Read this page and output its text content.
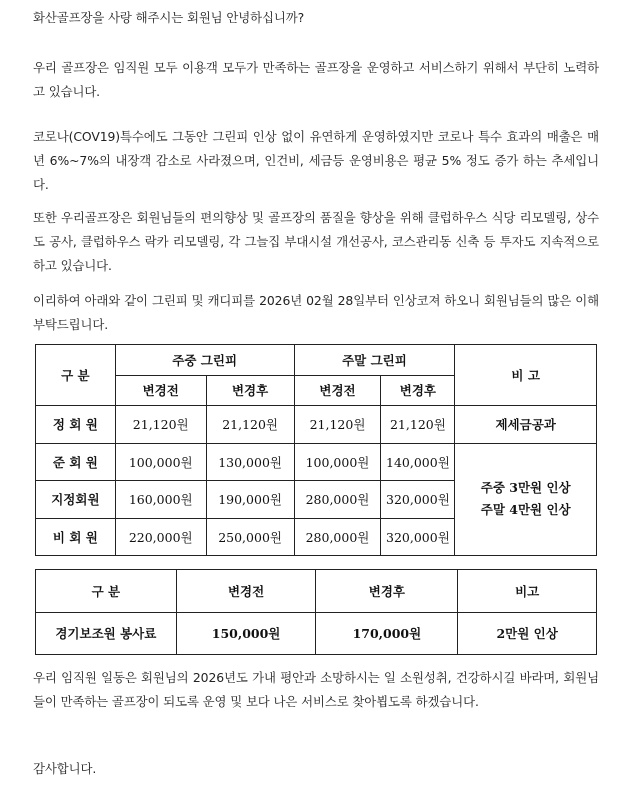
화산골프장을 사랑 해주시는 회원님 안녕하십니까?
우리 골프장은 임직원 모두 이용객 모두가 만족하는 골프장을 운영하고 서비스하기 위해서 부단히 노력하고 있습니다.
코로나(COV19)특수에도 그동안 그린피 인상 없이 유연하게 운영하였지만 코로나 특수 효과의 매출은 매년 6%~7%의 내장객 감소로 사라졌으며, 인건비, 세금등 운영비용은 평균 5% 정도 증가 하는 추세입니다.
또한 우리골프장은 회원님들의 편의향상 및 골프장의 품질을 향상을 위해 클럽하우스 식당 리모델링, 상수도 공사, 클럽하우스 락카 리모델링, 각 그늘집 부대시설 개선공사, 코스관리동 신축 등 투자도 지속적으로 하고 있습니다.
이리하여 아래와 같이 그린피 및 캐디피를 2026년 02월 28일부터 인상코져 하오니 회원님들의 많은 이해 부탁드립니다.
구 분	주중 그린피		주말 그린피		비 고
	변경전	변경후	변경전	변경후	
정 회 원	21,120원	21,120원	21,120원	21,120원	제세금공과
준 회 원	100,000원	130,000원	100,000원	140,000원	주중 3만원 인상
주말 4만원 인상

지정회원	160,000원	190,000원	280,000원	320,000원	
비 회 원	220,000원	250,000원	280,000원	320,000원	
구 분	변경전	변경후	비고
경기보조원 봉사료	150,000원	170,000원	2만원 인상
우리 임직원 일동은 회원님의 2026년도 가내 평안과 소망하시는 일 소원성취, 건강하시길 바라며, 회원님들이 만족하는 골프장이 되도록 운영 및 보다 나은 서비스로 찾아뵙도록 하겠습니다.
감사합니다.
